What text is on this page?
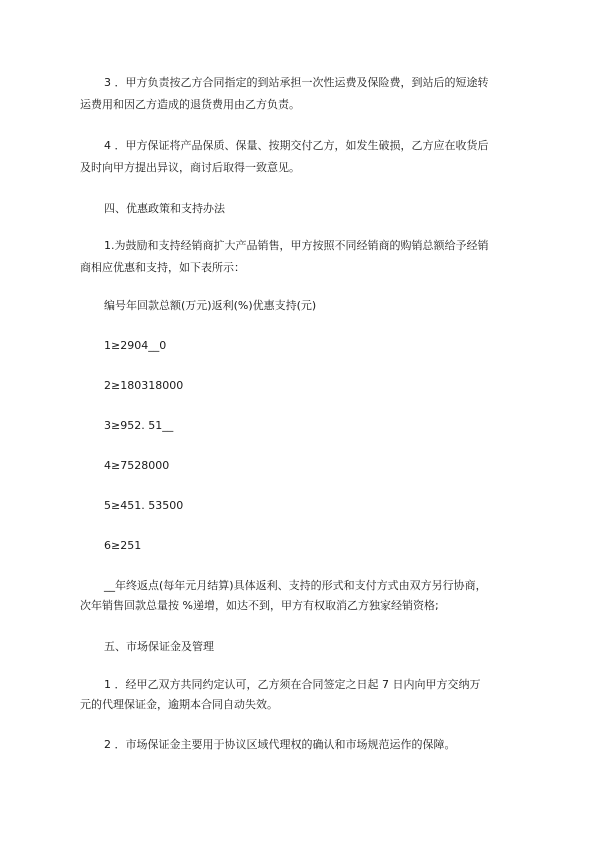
3 ．甲方负责按乙方合同指定的到站承担一次性运费及保险费，到站后的短途转
运费用和因乙方造成的退货费用由乙方负责。
4 ．甲方保证将产品保质、保量、按期交付乙方，如发生破损，乙方应在收货后
及时向甲方提出异议，商讨后取得一致意见。
四、优惠政策和支持办法
1.为鼓励和支持经销商扩大产品销售，甲方按照不同经销商的购销总额给予经销
商相应优惠和支持，如下表所示：
编号年回款总额(万元)返利(%)优惠支持(元)
1≥2904__0
2≥180318000
3≥952. 51__
4≥7528000
5≥451. 53500
6≥251
__年终返点(每年元月结算)具体返利、支持的形式和支付方式由双方另行协商，
次年销售回款总量按 %递增，如达不到，甲方有权取消乙方独家经销资格;
五、市场保证金及管理
1 ．经甲乙双方共同约定认可，乙方须在合同签定之日起 7 日内向甲方交纳万
元的代理保证金，逾期本合同自动失效。
2 ．市场保证金主要用于协议区域代理权的确认和市场规范运作的保障。
